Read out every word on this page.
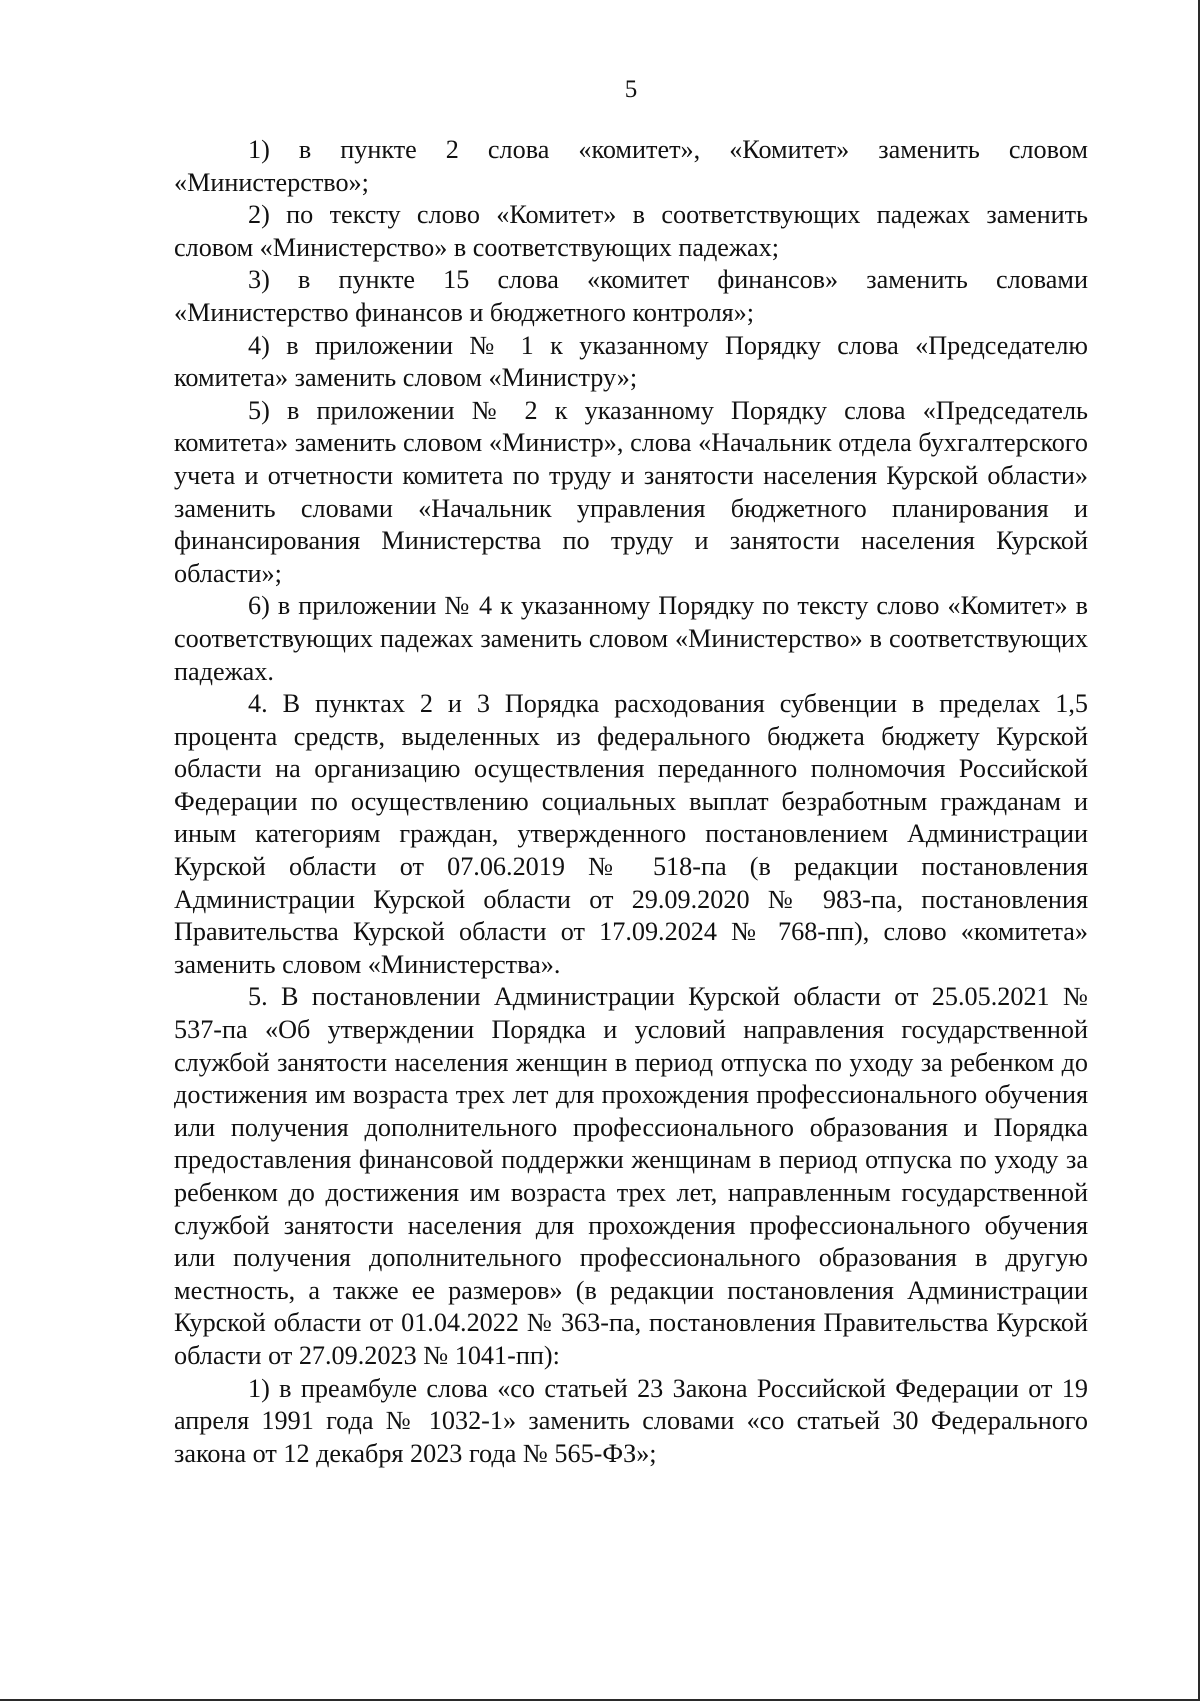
5

1) в пункте 2 слова «комитет», «Комитет» заменить словом «Министерство»;

2) по тексту слово «Комитет» в соответствующих падежах заменить словом «Министерство» в соответствующих падежах;

3) в пункте 15 слова «комитет финансов» заменить словами «Министерство финансов и бюджетного контроля»;

4) в приложении № 1 к указанному Порядку слова «Председателю комитета» заменить словом «Министру»;

5) в приложении № 2 к указанному Порядку слова «Председатель комитета» заменить словом «Министр», слова «Начальник отдела бухгалтерского учета и отчетности комитета по труду и занятости населения Курской области» заменить словами «Начальник управления бюджетного планирования и финансирования Министерства по труду и занятости населения Курской области»;

6) в приложении № 4 к указанному Порядку по тексту слово «Комитет» в соответствующих падежах заменить словом «Министерство» в соответствующих падежах.

4. В пунктах 2 и 3 Порядка расходования субвенции в пределах 1,5 процента средств, выделенных из федерального бюджета бюджету Курской области на организацию осуществления переданного полномочия Российской Федерации по осуществлению социальных выплат безработным гражданам и иным категориям граждан, утвержденного постановлением Администрации Курской области от 07.06.2019 № 518-па (в редакции постановления Администрации Курской области от 29.09.2020 № 983-па, постановления Правительства Курской области от 17.09.2024 № 768-пп), слово «комитета» заменить словом «Министерства».

5. В постановлении Администрации Курской области от 25.05.2021 № 537-па «Об утверждении Порядка и условий направления государственной службой занятости населения женщин в период отпуска по уходу за ребенком до достижения им возраста трех лет для прохождения профессионального обучения или получения дополнительного профессионального образования и Порядка предоставления финансовой поддержки женщинам в период отпуска по уходу за ребенком до достижения им возраста трех лет, направленным государственной службой занятости населения для прохождения профессионального обучения или получения дополнительного профессионального образования в другую местность, а также ее размеров» (в редакции постановления Администрации Курской области от 01.04.2022 № 363-па, постановления Правительства Курской области от 27.09.2023 № 1041-пп):

1) в преамбуле слова «со статьей 23 Закона Российской Федерации от 19 апреля 1991 года № 1032-1» заменить словами «со статьей 30 Федерального закона от 12 декабря 2023 года № 565-ФЗ»;
